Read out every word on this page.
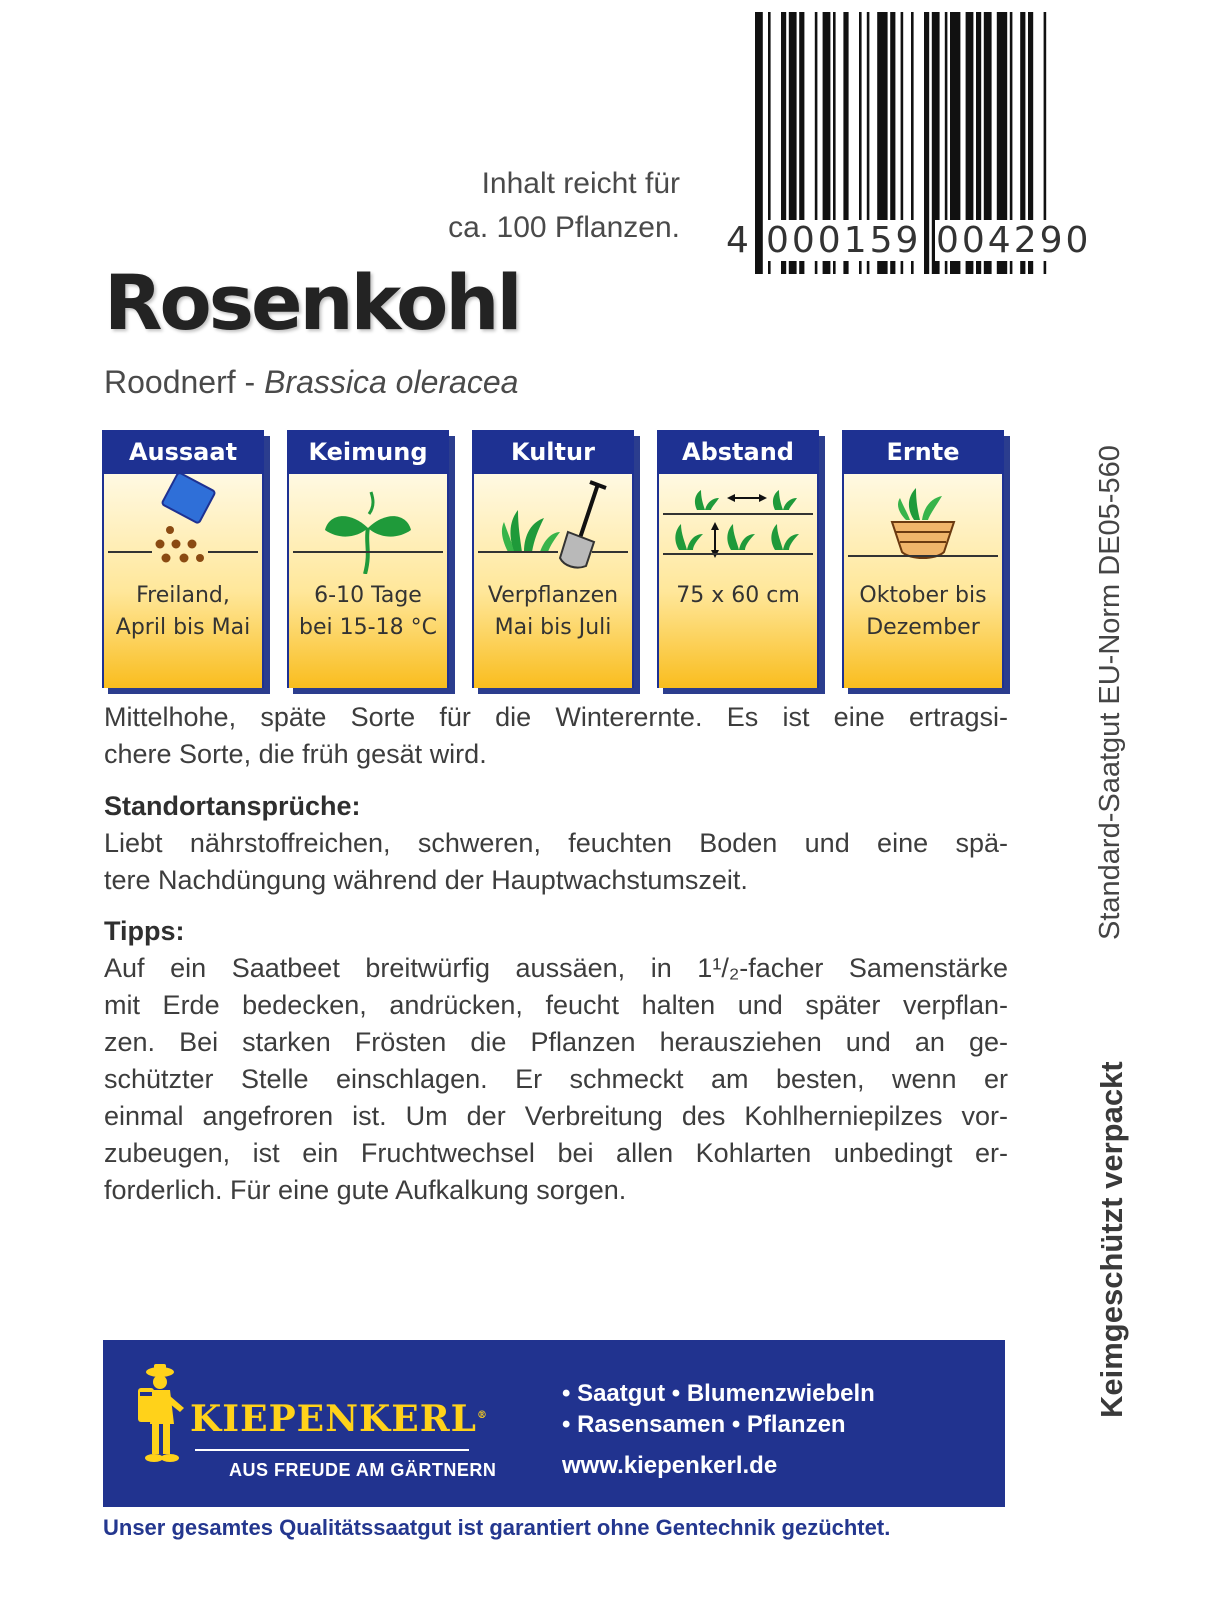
4 000159 004290
Inhalt reicht für
ca. 100 Pflanzen.
Rosenkohl
Roodnerf - Brassica oleracea
Aussaat
Freiland,
April bis Mai
Keimung
6-10 Tage
bei 15-18 °C
Kultur
Verpflanzen
Mai bis Juli
Abstand
75 x 60 cm
Ernte
Oktober bis
Dezember
Mittelhohe, späte Sorte für die Winterernte. Es ist eine ertragsi-
chere Sorte, die früh gesät wird.
Standortansprüche:
Liebt nährstoffreichen, schweren, feuchten Boden und eine spä-
tere Nachdüngung während der Hauptwachstumszeit.
Tipps:
Auf ein Saatbeet breitwürfig aussäen, in 1¹/₂-facher Samenstärke
mit Erde bedecken, andrücken, feucht halten und später verpflan-
zen. Bei starken Frösten die Pflanzen herausziehen und an ge-
schützter Stelle einschlagen. Er schmeckt am besten, wenn er
einmal angefroren ist. Um der Verbreitung des Kohlherniepilzes vor-
zubeugen, ist ein Fruchtwechsel bei allen Kohlarten unbedingt er-
forderlich. Für eine gute Aufkalkung sorgen.
Standard-Saatgut EU-Norm DE05-560
Keimgeschützt verpackt
KIEPENKERL®
AUS FREUDE AM GÄRTNERN
• Saatgut • Blumenzwiebeln
• Rasensamen • Pflanzen
www.kiepenkerl.de
Unser gesamtes Qualitätssaatgut ist garantiert ohne Gentechnik gezüchtet.
